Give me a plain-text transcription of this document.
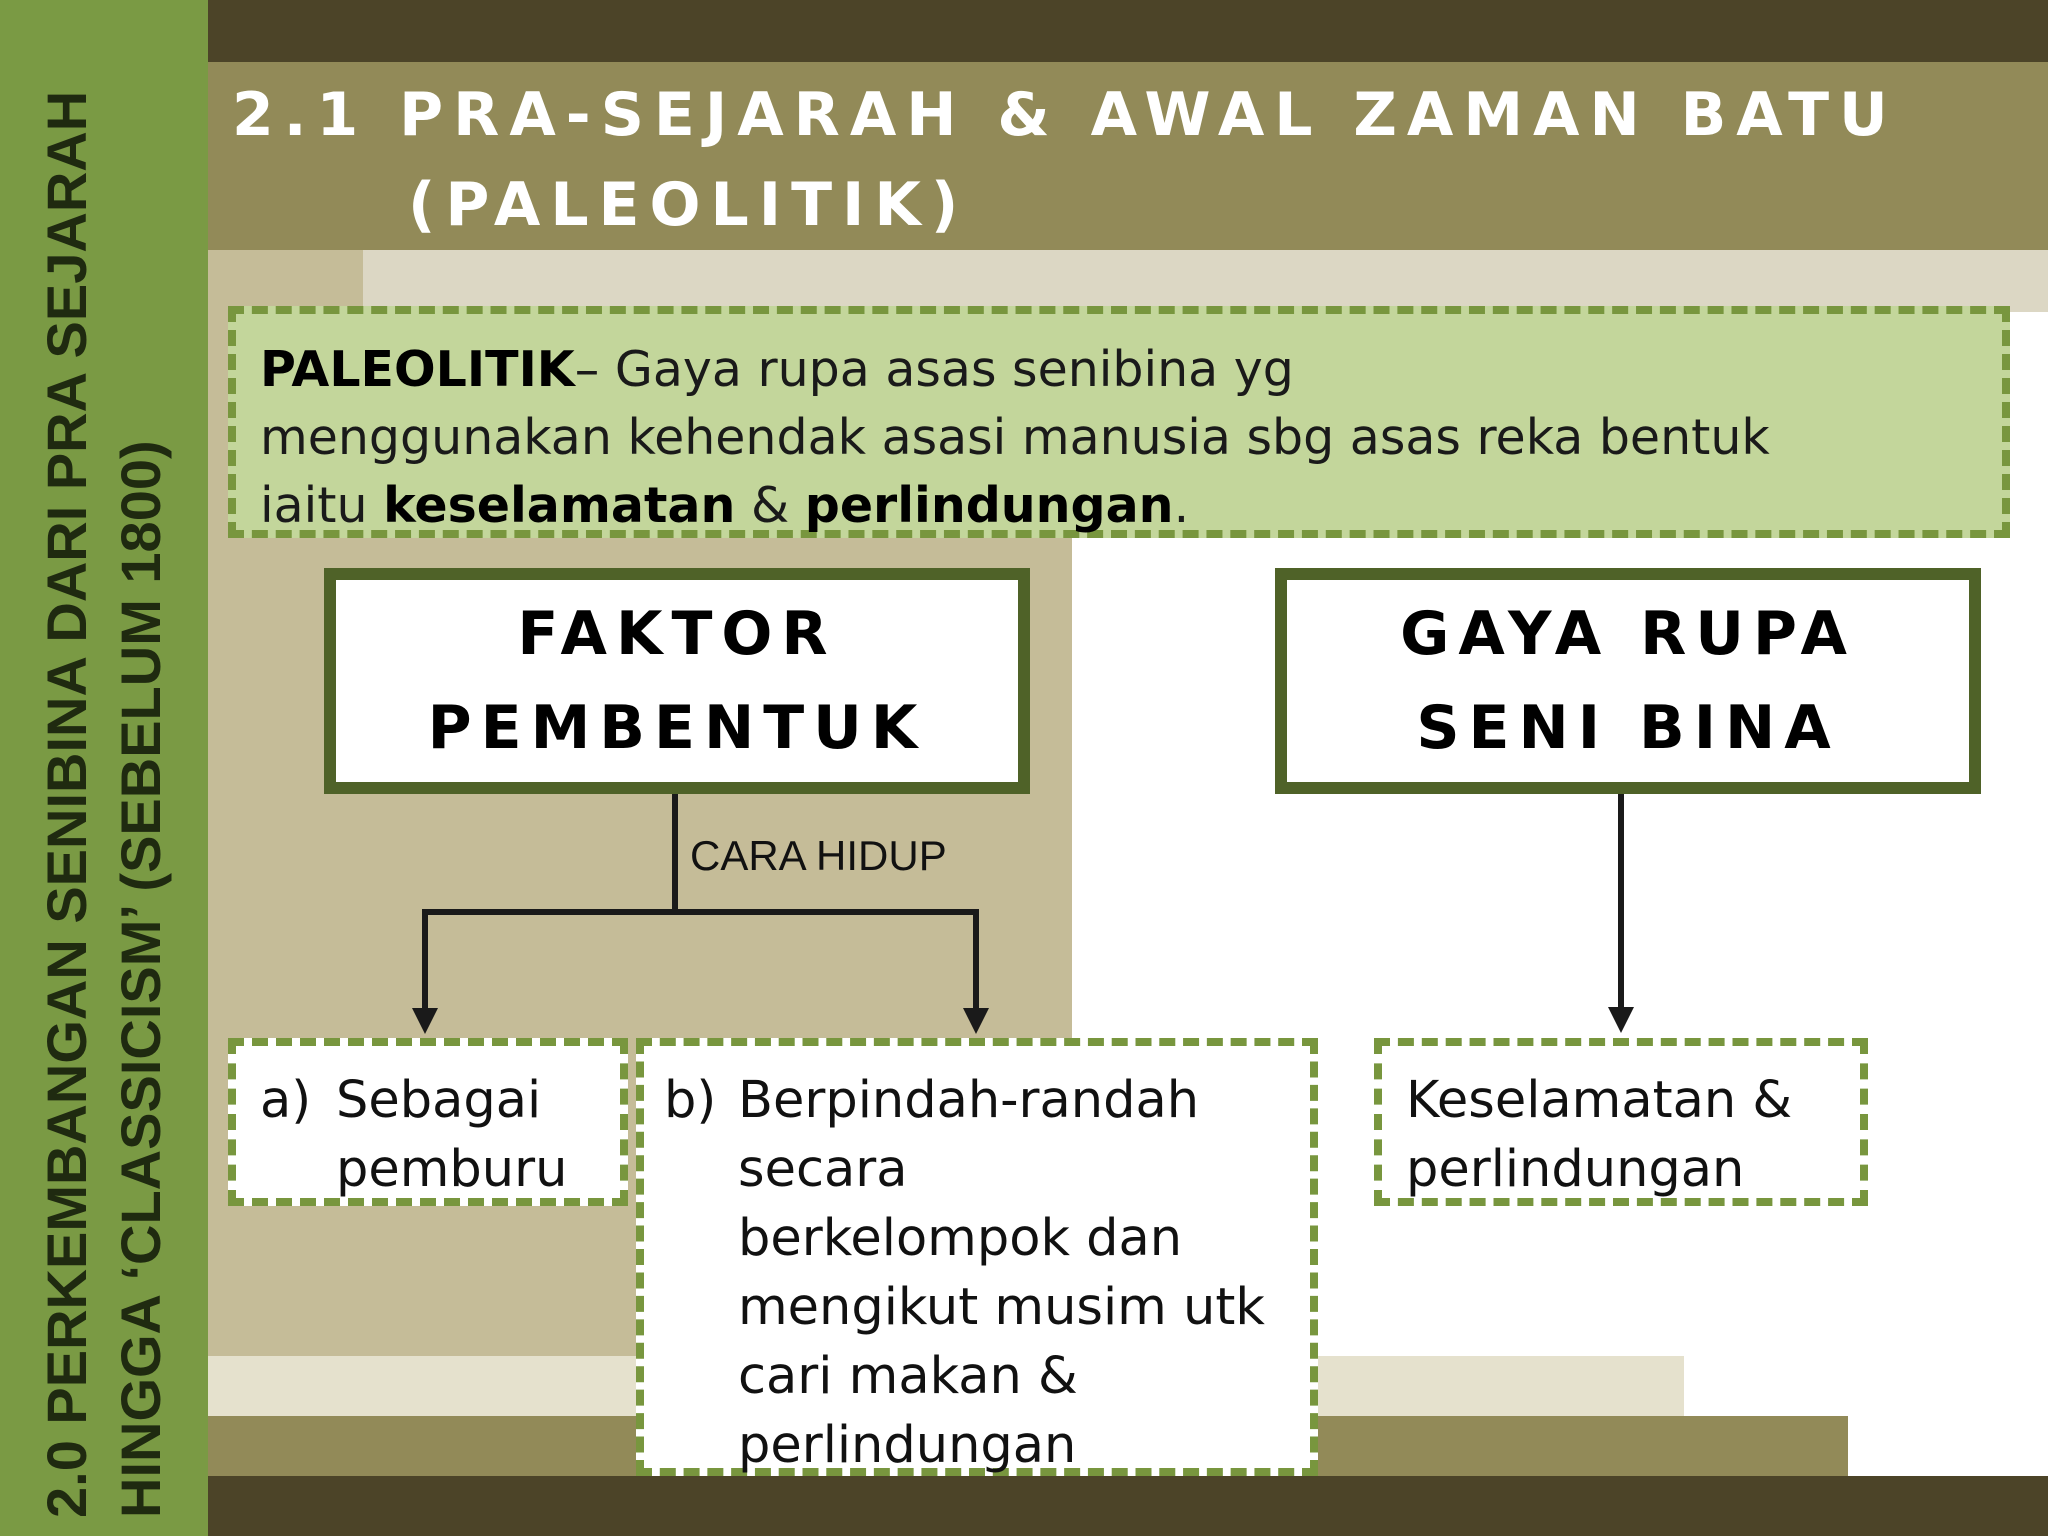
2.0 PERKEMBANGAN SENIBINA DARI PRA SEJARAH HINGGA ‘CLASSICISM’ (SEBELUM 1800)
2.1 PRA-SEJARAH & AWAL ZAMAN BATU
(PALEOLITIK)
PALEOLITIK– Gaya rupa asas senibina yg
menggunakan kehendak asasi manusia sbg asas reka bentuk
iaitu keselamatan & perlindungan.
FAKTOR
PEMBENTUK
GAYA RUPA
SENI BINA
CARA HIDUP
a) Sebagai
pemburu
b) Berpindah-randah
secara
berkelompok dan
mengikut musim utk
cari makan &
perlindungan
Keselamatan &
perlindungan
